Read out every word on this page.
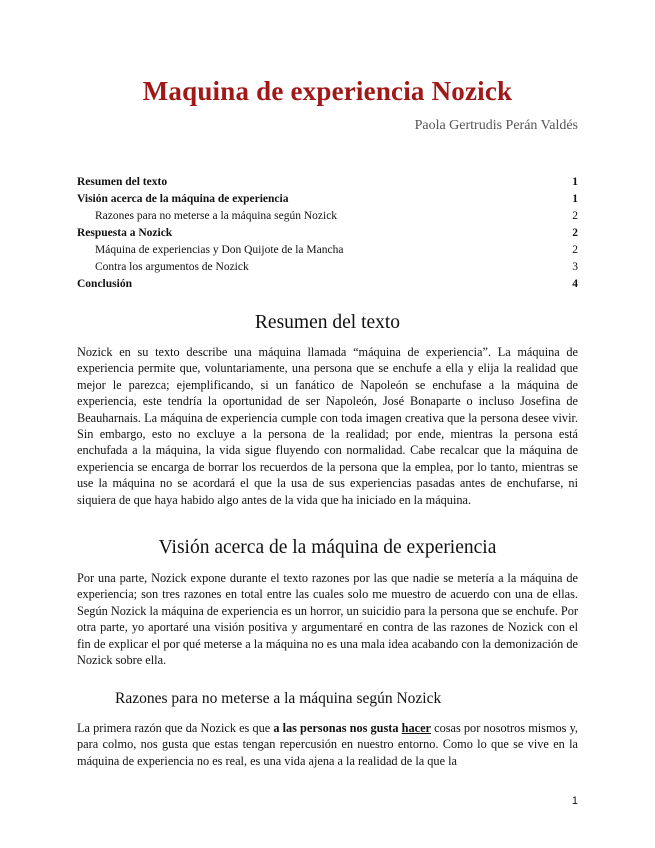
Maquina de experiencia Nozick
Paola Gertrudis Perán Valdés
Resumen del texto	1
Visión acerca de la máquina de experiencia	1
Razones para no meterse a la máquina según Nozick	2
Respuesta a Nozick	2
Máquina de experiencias y Don Quijote de la Mancha	2
Contra los argumentos de Nozick	3
Conclusión	4
Resumen del texto
Nozick en su texto describe una máquina llamada “máquina de experiencia”. La máquina de experiencia permite que, voluntariamente, una persona que se enchufe a ella y elija la realidad que mejor le parezca; ejemplificando, si un fanático de Napoleón se enchufase a la máquina de experiencia, este tendría la oportunidad de ser Napoleón, José Bonaparte o incluso Josefina de Beauharnais. La máquina de experiencia cumple con toda imagen creativa que la persona desee vivir. Sin embargo, esto no excluye a la persona de la realidad; por ende, mientras la persona está enchufada a la máquina, la vida sigue fluyendo con normalidad. Cabe recalcar que la máquina de experiencia se encarga de borrar los recuerdos de la persona que la emplea, por lo tanto, mientras se use la máquina no se acordará el que la usa de sus experiencias pasadas antes de enchufarse, ni siquiera de que haya habido algo antes de la vida que ha iniciado en la máquina.
Visión acerca de la máquina de experiencia
Por una parte, Nozick expone durante el texto razones por las que nadie se metería a la máquina de experiencia; son tres razones en total entre las cuales solo me muestro de acuerdo con una de ellas. Según Nozick la máquina de experiencia es un horror, un suicidio para la persona que se enchufe. Por otra parte, yo aportaré una visión positiva y argumentaré en contra de las razones de Nozick con el fin de explicar el por qué meterse a la máquina no es una mala idea acabando con la demonización de Nozick sobre ella.
Razones para no meterse a la máquina según Nozick
La primera razón que da Nozick es que a las personas nos gusta hacer cosas por nosotros mismos y, para colmo, nos gusta que estas tengan repercusión en nuestro entorno. Como lo que se vive en la máquina de experiencia no es real, es una vida ajena a la realidad de la que la
1
